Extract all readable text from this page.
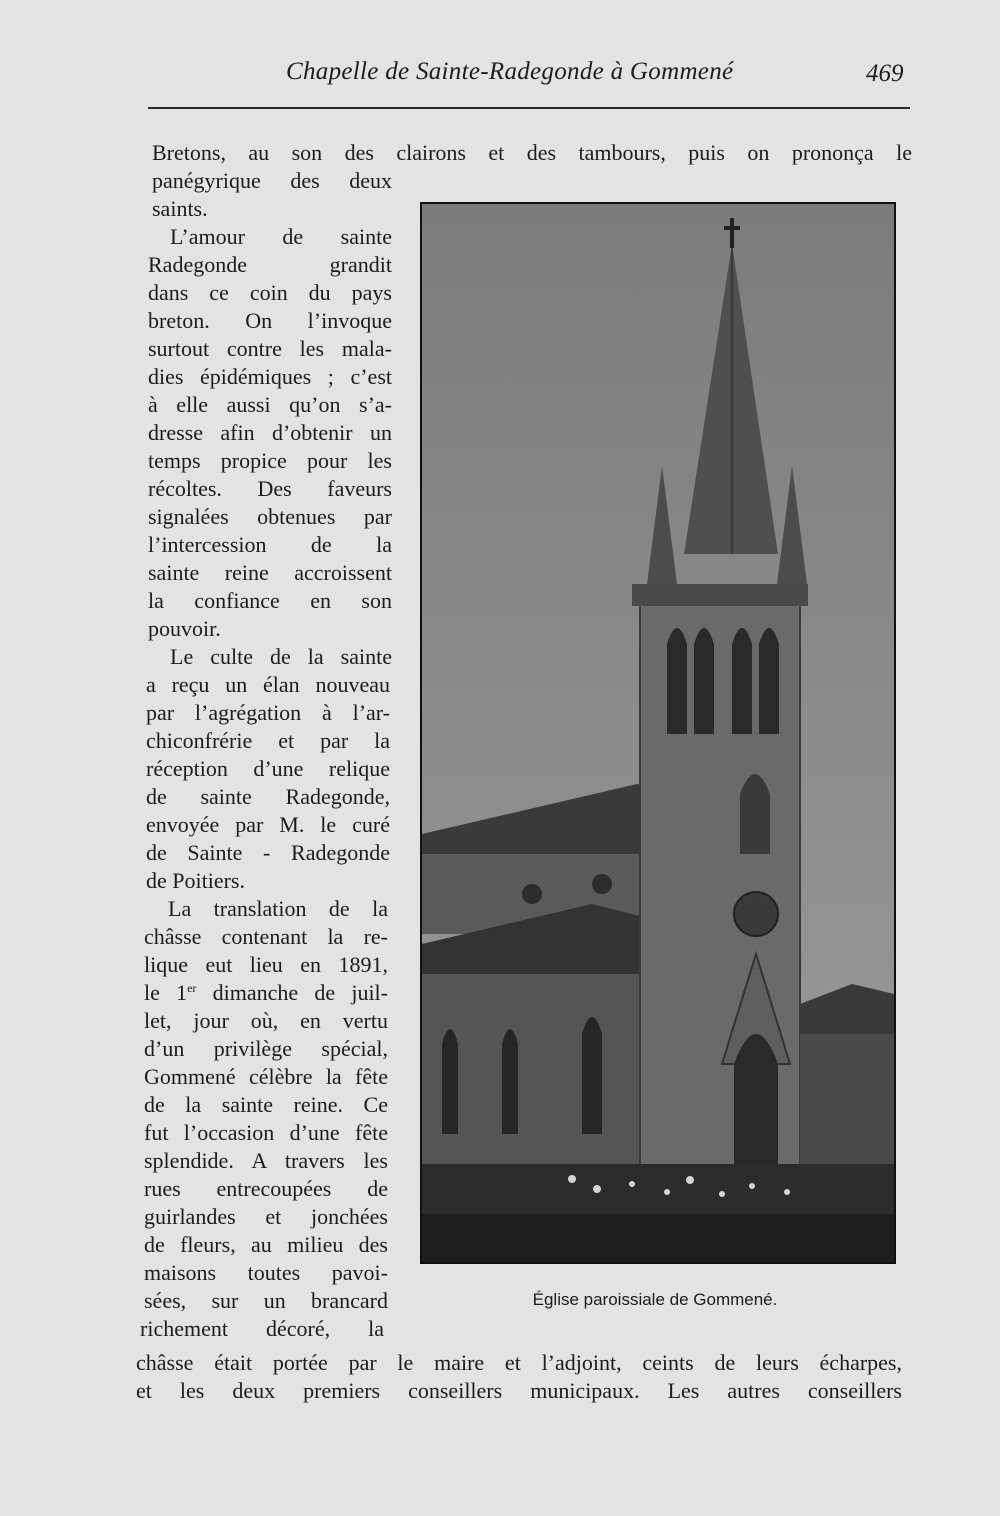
Chapelle de Sainte-Radegonde à Gommené	469
Bretons, au son des clairons et des tambours, puis on prononça le
panégyrique des deux
saints.
L’amour de sainte
Radegonde grandit
dans ce coin du pays
breton. On l’invoque
surtout contre les mala-
dies épidémiques ; c’est
à elle aussi qu’on s’a-
dresse afin d’obtenir un
temps propice pour les
récoltes. Des faveurs
signalées obtenues par
l’intercession de la
sainte reine accroissent
la confiance en son
pouvoir.
Le culte de la sainte
a reçu un élan nouveau
par l’agrégation à l’ar-
chiconfrérie et par la
réception d’une relique
de sainte Radegonde,
envoyée par M. le curé
de Sainte - Radegonde
de Poitiers.
La translation de la
châsse contenant la re-
lique eut lieu en 1891,
le 1er dimanche de juil-
let, jour où, en vertu
d’un privilège spécial,
Gommené célèbre la fête
de la sainte reine. Ce
fut l’occasion d’une fête
splendide. A travers les
rues entrecoupées de
guirlandes et jonchées
de fleurs, au milieu des
maisons toutes pavoi-
sées, sur un brancard
richement décoré, la
châsse était portée par le maire et l’adjoint, ceints de leurs écharpes,
et les deux premiers conseillers municipaux. Les autres conseillers
Église paroissiale de Gommené.
